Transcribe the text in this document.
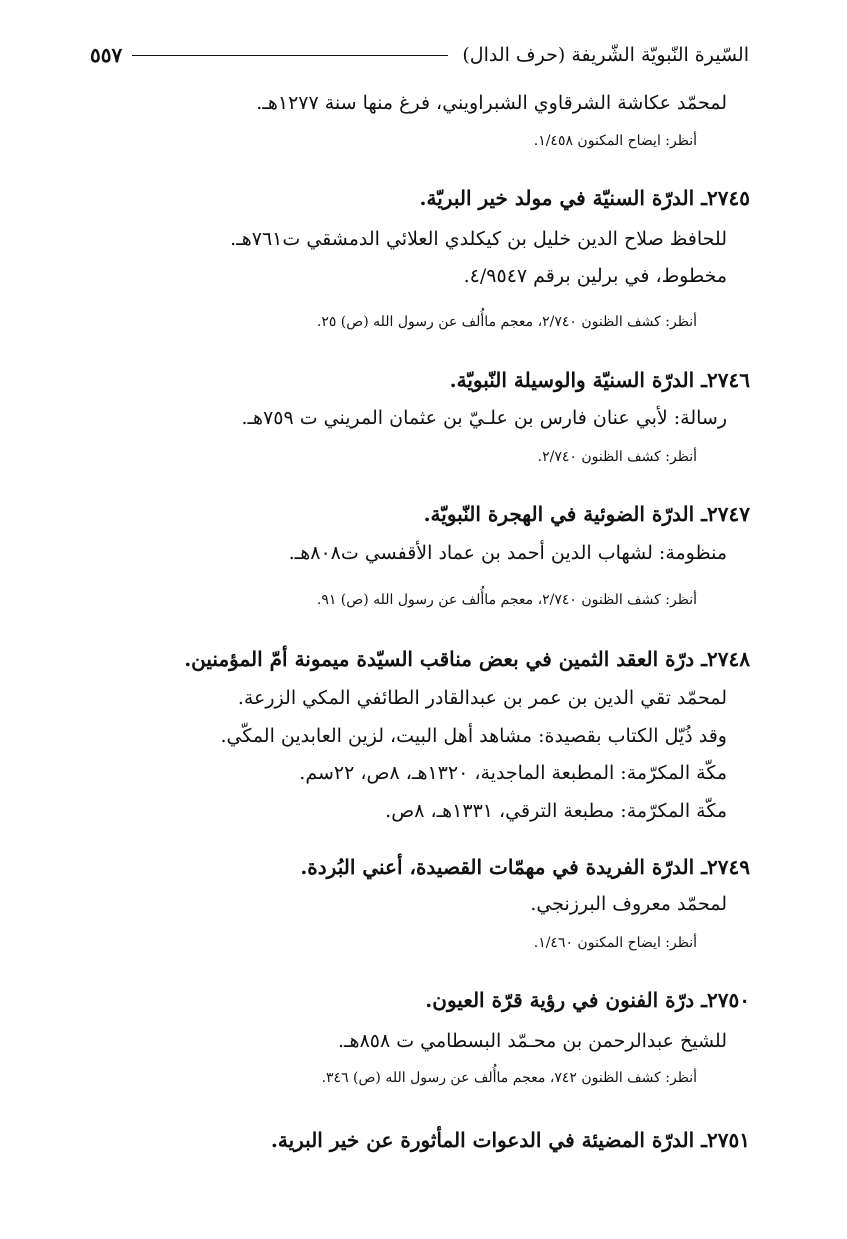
السّيرة النّبويّة الشّريفة (حرف الدال)
٥٥٧
لمحمّد عكاشة الشرقاوي الشبراويني، فرغ منها سنة ١٢٧٧هـ.
أنظر: ايضاح المكنون ١/٤٥٨.
٢٧٤٥ـ الدرّة السنيّة في مولد خير البريّة.
للحافظ صلاح الدين خليل بن كيكلدي العلائي الدمشقي ت٧٦١هـ.
مخطوط، في برلين برقم ٤/٩٥٤٧.
أنظر: كشف الظنون ٢/٧٤٠، معجم ماأُلف عن رسول الله (ص) ٢٥.
٢٧٤٦ـ الدرّة السنيّة والوسيلة النّبويّة.
رسالة: لأبي عنان فارس بن علـيّ بن عثمان المريني ت ٧٥٩هـ.
أنظر: كشف الظنون ٢/٧٤٠.
٢٧٤٧ـ الدرّة الضوئية في الهجرة النّبويّة.
منظومة: لشهاب الدين أحمد بن عماد الأقفسي ت٨٠٨هـ.
أنظر: كشف الظنون ٢/٧٤٠، معجم ماأُلف عن رسول الله (ص) ٩١.
٢٧٤٨ـ درّة العقد الثمين في بعض مناقب السيّدة ميمونة أمّ المؤمنين.
لمحمّد تقي الدين بن عمر بن عبدالقادر الطائفي المكي الزرعة.
وقد ذُيّل الكتاب بقصيدة: مشاهد أهل البيت، لزين العابدين المكّي.
مكّة المكرّمة: المطبعة الماجدية، ١٣٢٠هـ، ٨ص، ٢٢سم.
مكّة المكرّمة: مطبعة الترقي، ١٣٣١هـ، ٨ص.
٢٧٤٩ـ الدرّة الفريدة في مهمّات القصيدة، أعني البُردة.
لمحمّد معروف البرزنجي.
أنظر: ايضاح المكنون ١/٤٦٠.
٢٧٥٠ـ درّة الفنون في رؤية قرّة العيون.
للشيخ عبدالرحمن بن محـمّد البسطامي ت ٨٥٨هـ.
أنظر: كشف الظنون ٧٤٢، معجم ماأُلف عن رسول الله (ص) ٣٤٦.
٢٧٥١ـ الدرّة المضيئة في الدعوات المأثورة عن خير البرية.
